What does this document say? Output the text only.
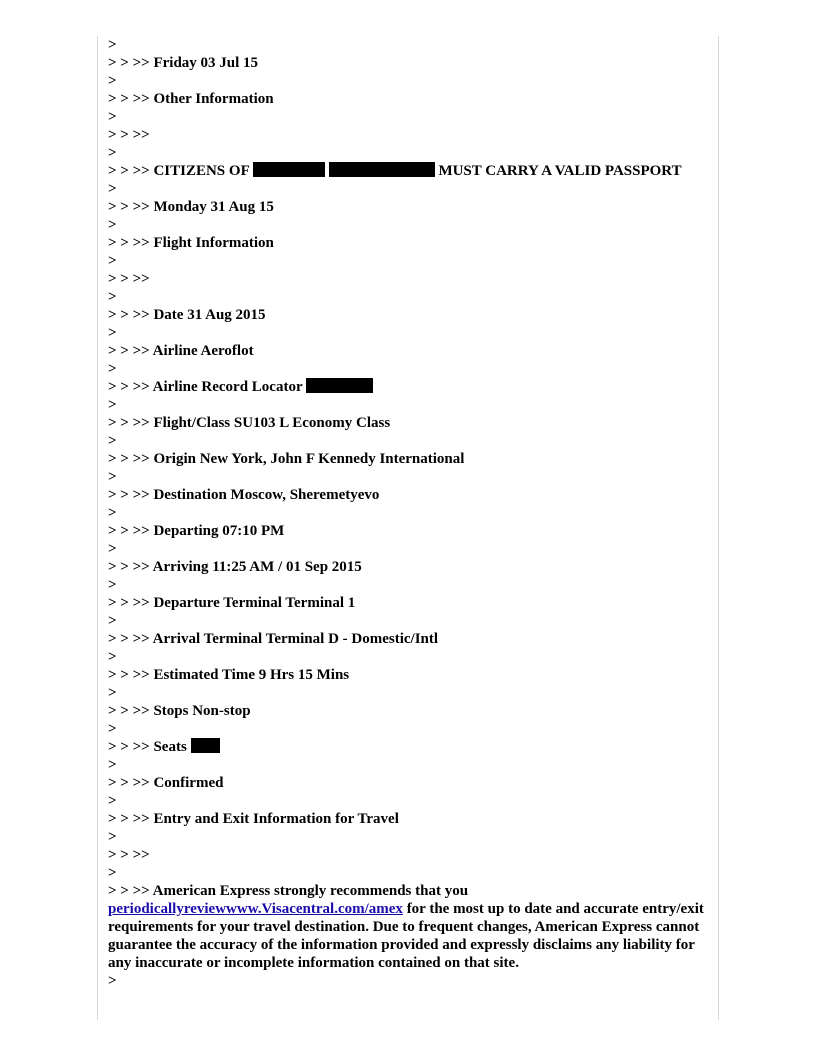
>
> > >> Friday 03 Jul 15
>
> > >> Other Information
>
> > >>
>
> > >> CITIZENS OF	MUST CARRY A VALID PASSPORT
>
> > >> Monday 31 Aug 15
>
> > >> Flight Information
>
> > >>
>
> > >> Date 31 Aug 2015
>
> > >> Airline Aeroflot
>
> > >> Airline Record Locator
>
> > >> Flight/Class SU103 L Economy Class
>
> > >> Origin New York, John F Kennedy International
>
> > >> Destination Moscow, Sheremetyevo
>
> > >> Departing 07:10 PM
>
> > >> Arriving 11:25 AM / 01 Sep 2015
>
> > >> Departure Terminal Terminal 1
>
> > >> Arrival Terminal Terminal D - Domestic/Intl
>
> > >> Estimated Time 9 Hrs 15 Mins
>
> > >> Stops Non-stop
>
> > >> Seats
>
> > >> Confirmed
>
> > >> Entry and Exit Information for Travel
>
> > >>
>
> > >> American Express strongly recommends that you
periodicallyreviewwww.Visacentral.com/amex for the most up to date and accurate entry/exit requirements for your travel destination. Due to frequent changes, American Express cannot guarantee the accuracy of the information provided and expressly disclaims any liability for any inaccurate or incomplete information contained on that site.
>
